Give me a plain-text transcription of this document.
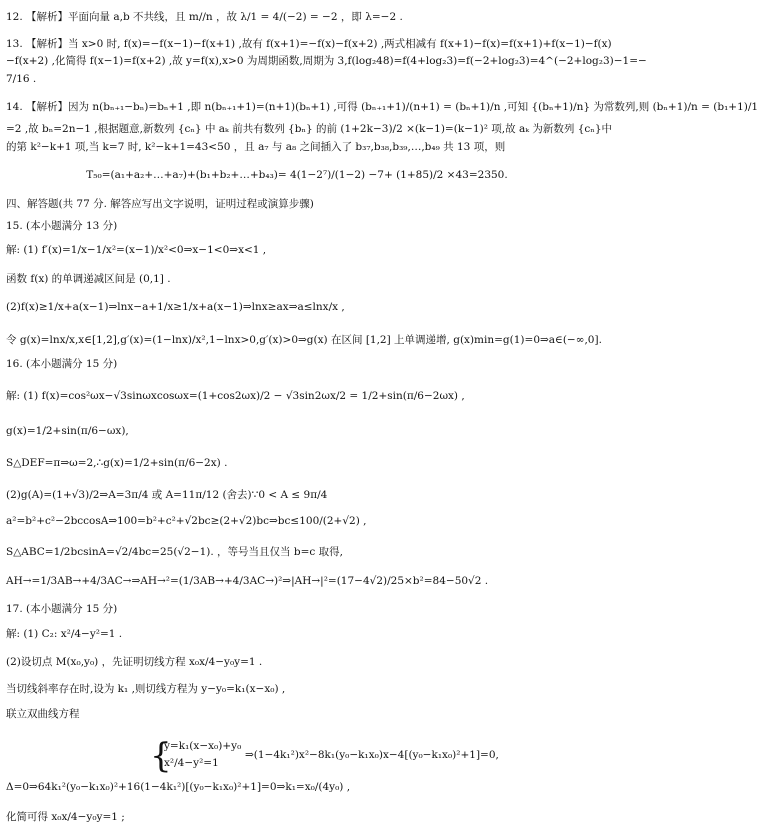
12. 【解析】平面向量 a,b 不共线，且 m//n ，故 λ/1 = 4/(−2) = −2 ，即 λ=−2 .
13. 【解析】当 x>0 时, f(x)=−f(x−1)−f(x+1) ,故有 f(x+1)=−f(x)−f(x+2) ,两式相减有 f(x+1)−f(x)=f(x+1)+f(x−1)−f(x)
−f(x+2) ,化简得 f(x−1)=f(x+2) ,故 y=f(x),x>0 为周期函数,周期为 3,f(log₂48)=f(4+log₂3)=f(−2+log₂3)=4^(−2+log₂3)−1=−
7/16 .
14. 【解析】因为 n(bₙ₊₁−bₙ)=bₙ+1 ,即 n(bₙ₊₁+1)=(n+1)(bₙ+1) ,可得 (bₙ₊₁+1)/(n+1) = (bₙ+1)/n ,可知 {(bₙ+1)/n} 为常数列,则 (bₙ+1)/n = (b₁+1)/1
=2 ,故 bₙ=2n−1 ,根据题意,新数列 {cₙ} 中 aₖ 前共有数列 {bₙ} 的前 (1+2k−3)/2 ×(k−1)=(k−1)² 项,故 aₖ 为新数列 {cₙ}中
的第 k²−k+1 项,当 k=7 时, k²−k+1=43<50 ，且 a₇ 与 a₈ 之间插入了 b₃₇,b₃₈,b₃₉,…,b₄₉ 共 13 项，则
T₅₀=(a₁+a₂+…+a₇)+(b₁+b₂+…+b₄₃)= 4(1−2⁷)/(1−2) −7+ (1+85)/2 ×43=2350.
四、解答题(共 77 分. 解答应写出文字说明，证明过程或演算步骤)
15. (本小题满分 13 分)
解: (1) f′(x)=1/x−1/x²=(x−1)/x²<0⇒x−1<0⇒x<1 ,
函数 f(x) 的单调递减区间是 (0,1] .
(2)f(x)≥1/x+a(x−1)⇒lnx−a+1/x≥1/x+a(x−1)⇒lnx≥ax⇒a≤lnx/x ,
令 g(x)=lnx/x,x∈[1,2],g′(x)=(1−lnx)/x²,1−lnx>0,g′(x)>0⇒g(x) 在区间 [1,2] 上单调递增, g(x)min=g(1)=0⇒a∈(−∞,0].
16. (本小题满分 15 分)
解: (1) f(x)=cos²ωx−√3sinωxcosωx=(1+cos2ωx)/2 − √3sin2ωx/2 = 1/2+sin(π/6−2ωx) ,
g(x)=1/2+sin(π/6−ωx),
S△DEF=π⇒ω=2,∴g(x)=1/2+sin(π/6−2x) .
(2)g(A)=(1+√3)/2⇒A=3π/4 或 A=11π/12 (舍去)∵0 < A ≤ 9π/4
a²=b²+c²−2bccosA⇒100=b²+c²+√2bc≥(2+√2)bc⇒bc≤100/(2+√2) ,
S△ABC=1/2bcsinA=√2/4bc=25(√2−1). ，等号当且仅当 b=c 取得,
AH→=1/3AB→+4/3AC→⇒AH→²=(1/3AB→+4/3AC→)²⇒|AH→|²=(17−4√2)/25×b²=84−50√2 .
17. (本小题满分 15 分)
解: (1) C₂: x²/4−y²=1 .
(2)设切点 M(x₀,y₀) ，先证明切线方程 x₀x/4−y₀y=1 .
当切线斜率存在时,设为 k₁ ,则切线方程为 y−y₀=k₁(x−x₀) ,
联立双曲线方程
{
y=k₁(x−x₀)+y₀
x²/4−y²=1
⇒(1−4k₁²)x²−8k₁(y₀−k₁x₀)x−4[(y₀−k₁x₀)²+1]=0,
Δ=0⇒64k₁²(y₀−k₁x₀)²+16(1−4k₁²)[(y₀−k₁x₀)²+1]=0⇒k₁=x₀/(4y₀) ,
化简可得 x₀x/4−y₀y=1 ;
